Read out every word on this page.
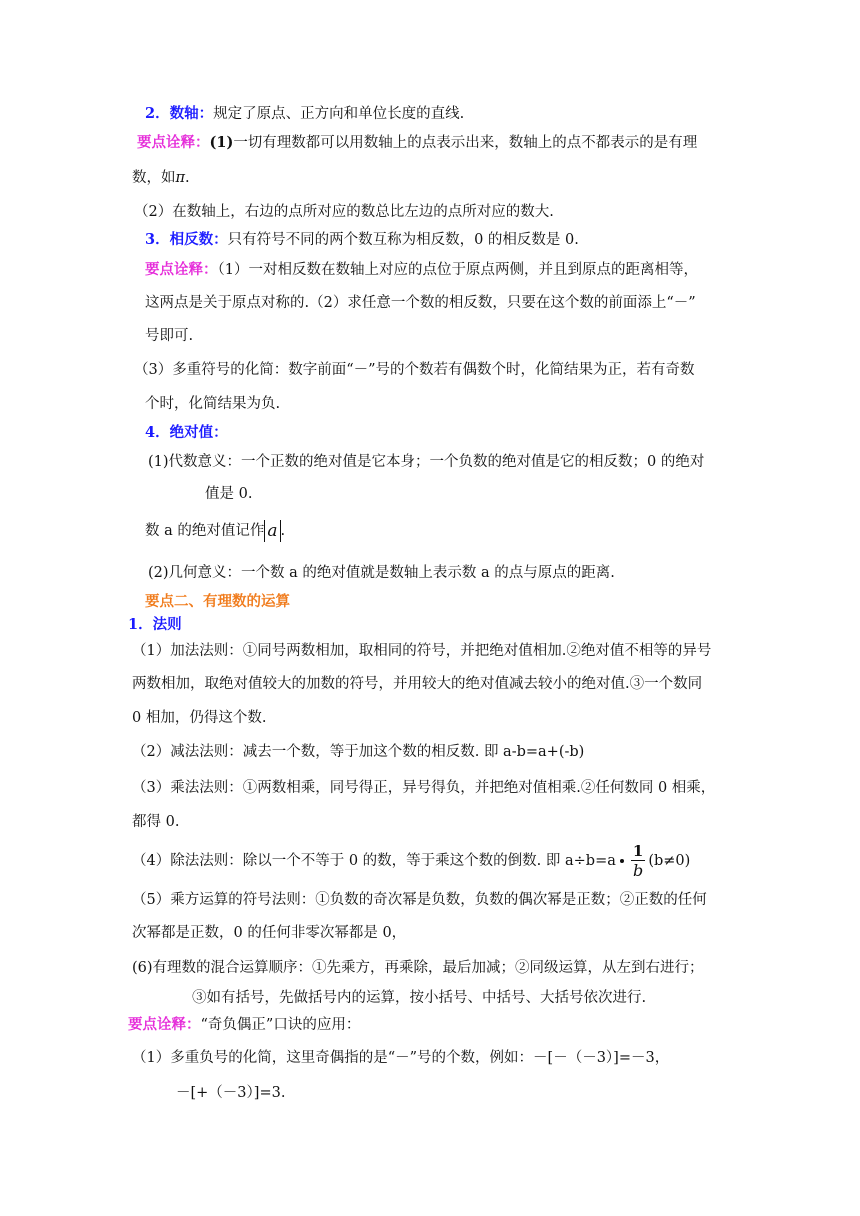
2．数轴：规定了原点、正方向和单位长度的直线.
要点诠释：(1)一切有理数都可以用数轴上的点表示出来，数轴上的点不都表示的是有理
数，如π.
（2）在数轴上，右边的点所对应的数总比左边的点所对应的数大.
3．相反数：只有符号不同的两个数互称为相反数，0 的相反数是 0.
要点诠释：（1）一对相反数在数轴上对应的点位于原点两侧，并且到原点的距离相等，
这两点是关于原点对称的.（2）求任意一个数的相反数，只要在这个数的前面添上“－”
号即可.
（3）多重符号的化简：数字前面“－”号的个数若有偶数个时，化简结果为正，若有奇数
个时，化简结果为负.
4．绝对值：
(1)代数意义：一个正数的绝对值是它本身；一个负数的绝对值是它的相反数；0 的绝对
值是 0.
数 a 的绝对值记作 a .
(2)几何意义：一个数 a 的绝对值就是数轴上表示数 a 的点与原点的距离.
要点二、有理数的运算
1．法则
（1）加法法则：①同号两数相加，取相同的符号，并把绝对值相加.②绝对值不相等的异号
两数相加，取绝对值较大的加数的符号，并用较大的绝对值减去较小的绝对值.③一个数同
0 相加，仍得这个数.
（2）减法法则：减去一个数，等于加这个数的相反数. 即 a-b=a+(-b)
（3）乘法法则：①两数相乘，同号得正，异号得负，并把绝对值相乘.②任何数同 0 相乘，
都得 0.
（4）除法法则：除以一个不等于 0 的数，等于乘这个数的倒数. 即 $a\div b=a \frac{1}{b} (b\ne 0)$
（5）乘方运算的符号法则：①负数的奇次幂是负数，负数的偶次幂是正数；②正数的任何
次幂都是正数，0 的任何非零次幂都是 0，
(6)有理数的混合运算顺序：①先乘方，再乘除，最后加减；②同级运算，从左到右进行；
③如有括号，先做括号内的运算，按小括号、中括号、大括号依次进行.
要点诠释：“奇负偶正”口诀的应用：
（1）多重负号的化简，这里奇偶指的是“－”号的个数，例如：－[－（－3）]=－3，
－[+（－3）]=3.
